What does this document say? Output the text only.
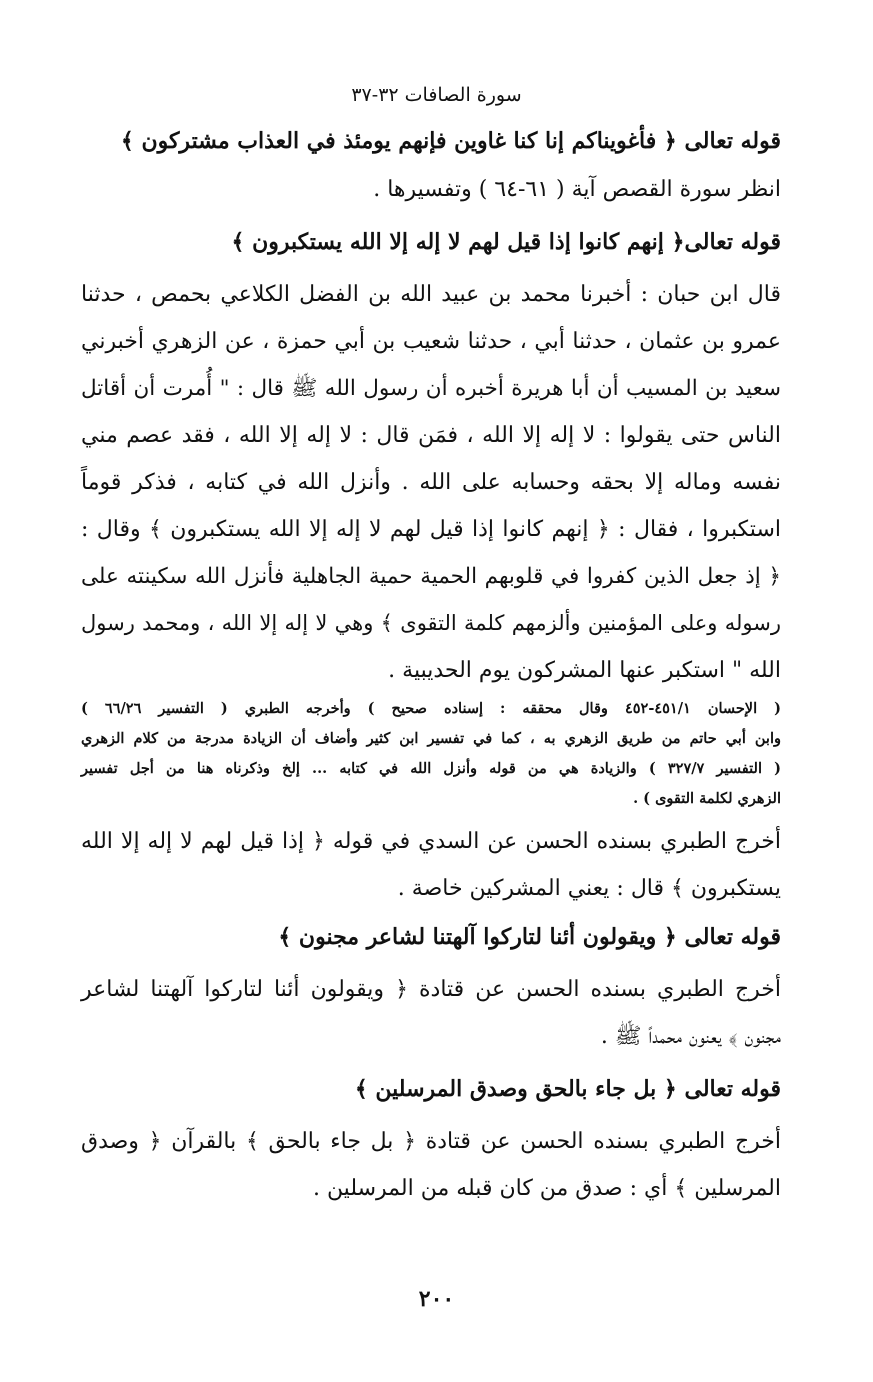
سورة الصافات ٣٢-٣٧
قوله تعالى ﴿ فأغويناكم إنا كنا غاوين فإنهم يومئذ في العذاب مشتركون ﴾
انظر سورة القصص آية ( ٦١-٦٤ ) وتفسيرها .
قوله تعالى﴿ إنهم كانوا إذا قيل لهم لا إله إلا الله يستكبرون ﴾
قال ابن حبان : أخبرنا محمد بن عبيد الله بن الفضل الكلاعي بحمص ، حدثنا
عمرو بن عثمان ، حدثنا أبي ، حدثنا شعيب بن أبي حمزة ، عن الزهري أخبرني
سعيد بن المسيب أن أبا هريرة أخبره أن رسول الله ﷺ قال : " أُمرت أن أقاتل
الناس حتى يقولوا : لا إله إلا الله ، فمَن قال : لا إله إلا الله ، فقد عصم مني
نفسه وماله إلا بحقه وحسابه على الله . وأنزل الله في كتابه ، فذكر قوماً
استكبروا ، فقال : ﴿ إنهم كانوا إذا قيل لهم لا إله إلا الله يستكبرون ﴾ وقال :
﴿ إذ جعل الذين كفروا في قلوبهم الحمية حمية الجاهلية فأنزل الله سكينته على
رسوله وعلى المؤمنين وألزمهم كلمة التقوى ﴾ وهي لا إله إلا الله ، ومحمد رسول
الله " استكبر عنها المشركون يوم الحديبية .
( الإحسان ٤٥١/١-٤٥٢ وقال محققه : إسناده صحيح ) وأخرجه الطبري ( التفسير ٦٦/٢٦ )
وابن أبي حاتم من طريق الزهري به ، كما في تفسير ابن كثير وأضاف أن الزيادة مدرجة من كلام الزهري
( التفسير ٣٢٧/٧ ) والزيادة هي من قوله وأنزل الله في كتابه ... إلخ وذكرناه هنا من أجل تفسير
الزهري لكلمة التقوى ) .
أخرج الطبري بسنده الحسن عن السدي في قوله ﴿ إذا قيل لهم لا إله إلا الله
يستكبرون ﴾ قال : يعني المشركين خاصة .
قوله تعالى ﴿ ويقولون أئنا لتاركوا آلهتنا لشاعر مجنون ﴾
أخرج الطبري بسنده الحسن عن قتادة ﴿ ويقولون أئنا لتاركوا آلهتنا لشاعر
مجنون ﴾ يعنون محمداً ﷺ .
قوله تعالى ﴿ بل جاء بالحق وصدق المرسلين ﴾
أخرج الطبري بسنده الحسن عن قتادة ﴿ بل جاء بالحق ﴾ بالقرآن ﴿ وصدق
المرسلين ﴾ أي : صدق من كان قبله من المرسلين .
٢٠٠
